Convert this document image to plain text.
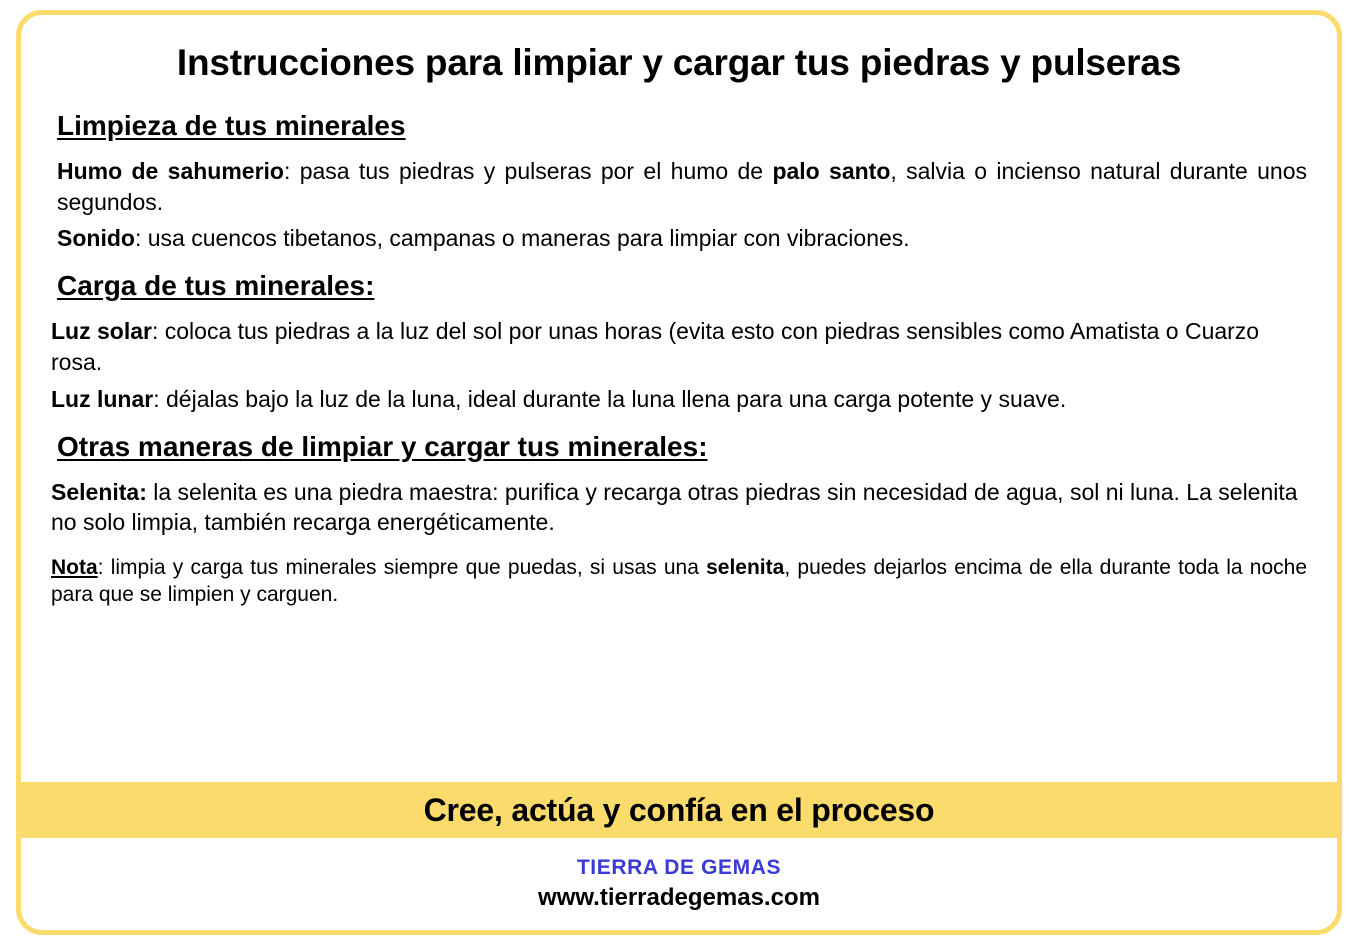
Instrucciones para limpiar y cargar tus piedras y pulseras
Limpieza de tus minerales

Humo de sahumerio: pasa tus piedras y pulseras por el humo de palo santo, salvia o incienso natural durante unos segundos.

Sonido: usa cuencos tibetanos, campanas o maneras para limpiar con vibraciones.

Carga de tus minerales:

Luz solar: coloca tus piedras a la luz del sol por unas horas (evita esto con piedras sensibles como Amatista o Cuarzo rosa.

Luz lunar: déjalas bajo la luz de la luna, ideal durante la luna llena para una carga potente y suave.

Otras maneras de limpiar y cargar tus minerales:

Selenita: la selenita es una piedra maestra: purifica y recarga otras piedras sin necesidad de agua, sol ni luna. La selenita no solo limpia, también recarga energéticamente.

Nota: limpia y carga tus minerales siempre que puedas, si usas una selenita, puedes dejarlos encima de ella durante toda la noche para que se limpien y carguen.

Cree, actúa y confía en el proceso
TIERRA DE GEMAS
www.tierradegemas.com
